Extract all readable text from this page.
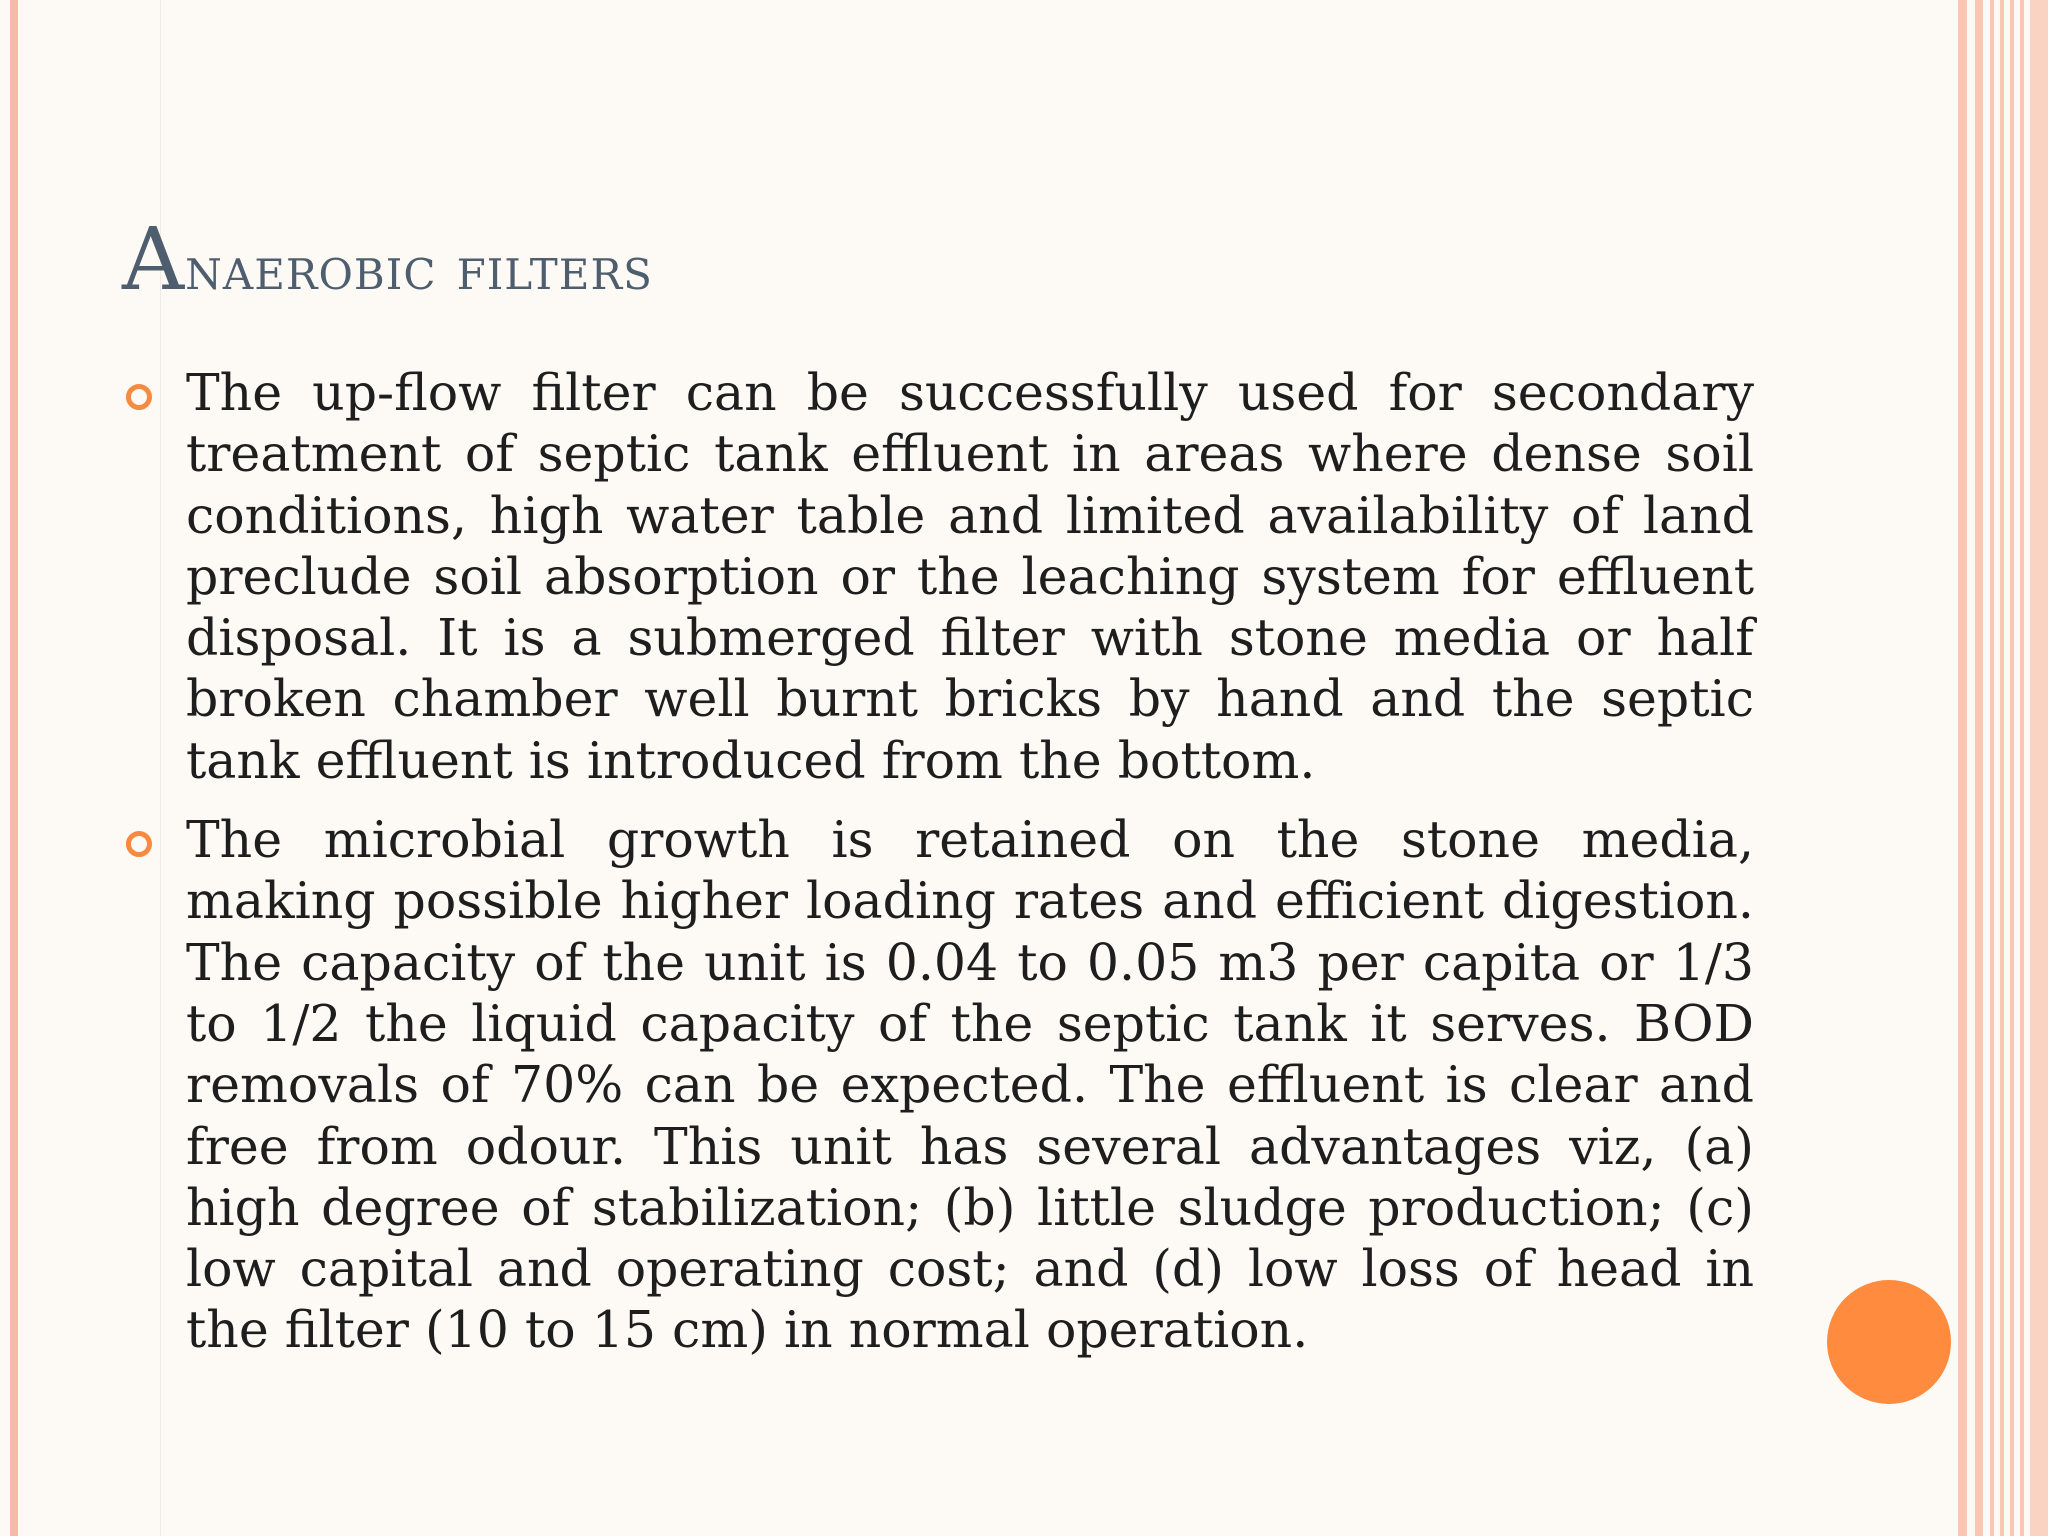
Anaerobic filters

The up-flow filter can be successfully used for secondary treatment of septic tank effluent in areas where dense soil conditions, high water table and limited availability of land preclude soil absorption or the leaching system for effluent disposal. It is a submerged filter with stone media or half broken chamber well burnt bricks by hand and the septic tank effluent is introduced from the bottom.

The microbial growth is retained on the stone media, making possible higher loading rates and efficient digestion. The capacity of the unit is 0.04 to 0.05 m3 per capita or 1/3 to 1/2 the liquid capacity of the septic tank it serves. BOD removals of 70% can be expected. The effluent is clear and free from odour. This unit has several advantages viz, (a) high degree of stabilization; (b) little sludge production; (c) low capital and operating cost; and (d) low loss of head in the filter (10 to 15 cm) in normal operation.
